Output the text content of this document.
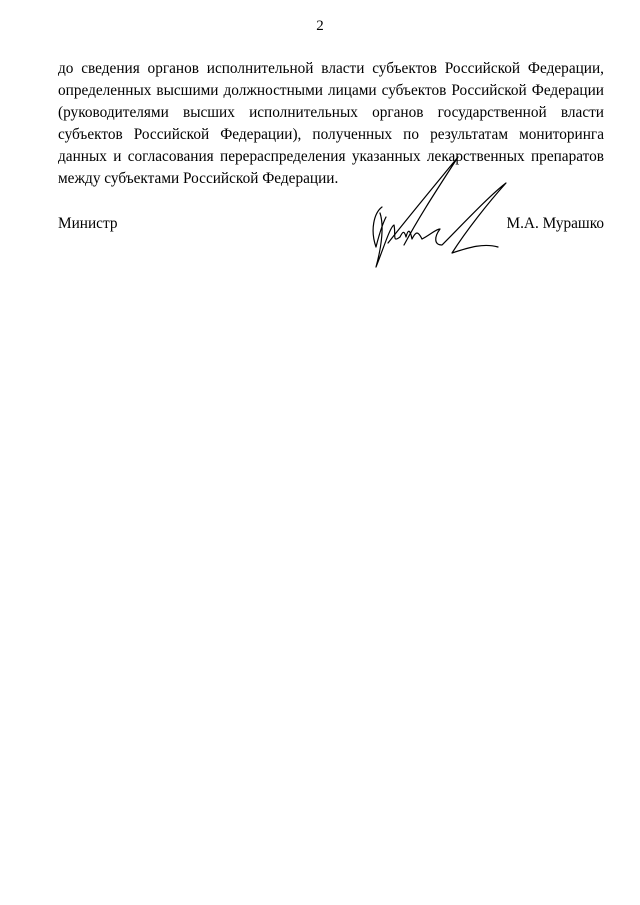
2
до сведения органов исполнительной власти субъектов Российской Федерации,
определенных высшими должностными лицами субъектов Российской Федерации
(руководителями высших исполнительных органов государственной власти
субъектов Российской Федерации), полученных по результатам мониторинга
данных и согласования перераспределения указанных лекарственных препаратов
между субъектами Российской Федерации.
Министр	М.А. Мурашко
